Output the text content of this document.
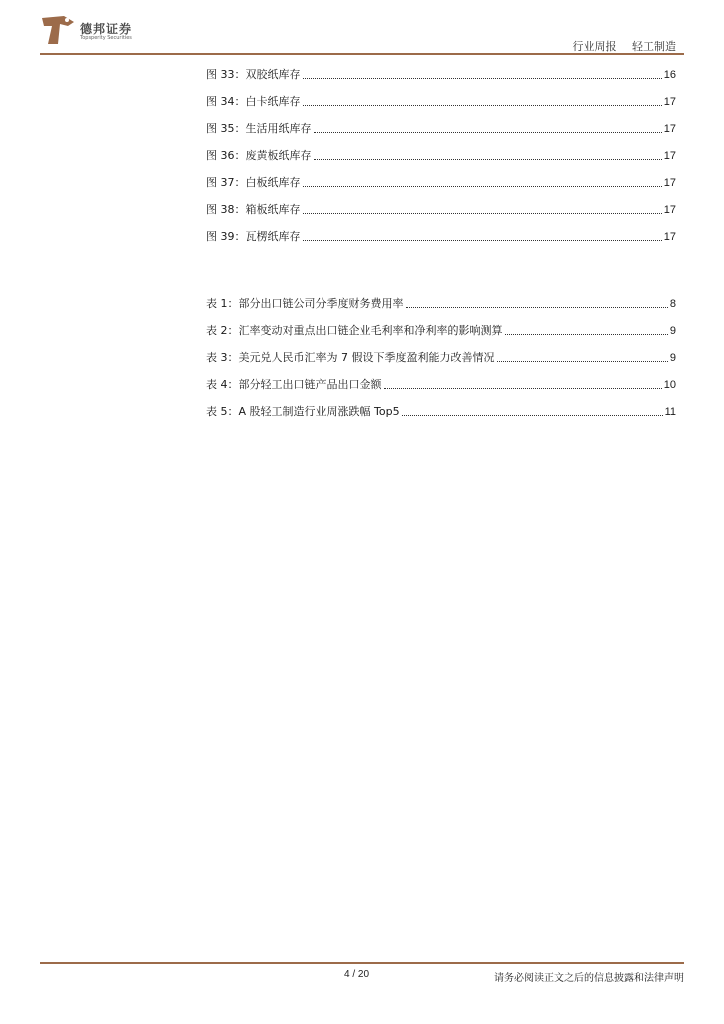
德邦证券
Topsperity Securities
行业周报 轻工制造
图 33：双胶纸库存	16
图 34：白卡纸库存	17
图 35：生活用纸库存	17
图 36：废黄板纸库存	17
图 37：白板纸库存	17
图 38：箱板纸库存	17
图 39：瓦楞纸库存	17
表 1：部分出口链公司分季度财务费用率	8
表 2：汇率变动对重点出口链企业毛利率和净利率的影响测算	9
表 3：美元兑人民币汇率为 7 假设下季度盈利能力改善情况	9
表 4：部分轻工出口链产品出口金额	10
表 5：A 股轻工制造行业周涨跌幅 Top5	11
4 / 20	请务必阅读正文之后的信息披露和法律声明
